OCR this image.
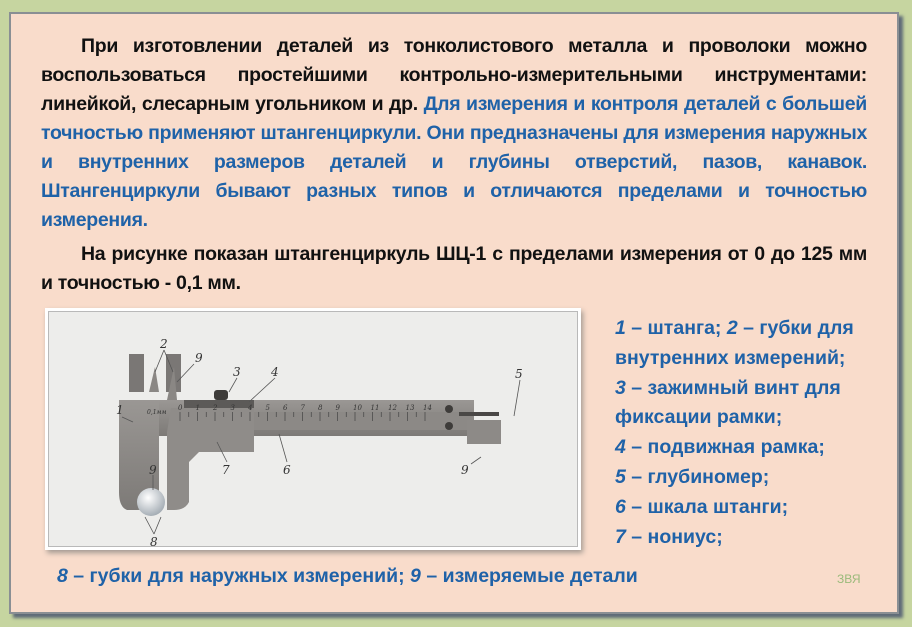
При изготовлении деталей из тонколистового металла и проволоки можно воспользоваться простейшими контрольно-измерительными инструментами: линейкой, слесарным угольником и др. Для измерения и контроля деталей с большей точностью применяют штангенциркули. Они предназначены для измерения наружных и внутренних размеров деталей и глубины отверстий, пазов, канавок. Штангенциркули бывают разных типов и отличаются пределами и точностью измерения.

На рисунке показан штангенциркуль ШЦ-1 с пределами измерения от 0 до 125 мм и точностью - 0,1 мм.

0 1 2 3 4 5 6 7 8 9 10 11 12 13 14
0,1мм
1
2
3	4	5
6
7
8
9
9	9
1 – штанга; 2 – губки для
внутренних измерений;
3 – зажимный винт для
фиксации рамки;
4 – подвижная рамка;
5 – глубиномер;
6 – шкала штанги;
7 – нониус;
8 – губки для наружных измерений; 9 – измеряемые детали	ЗВЯ
